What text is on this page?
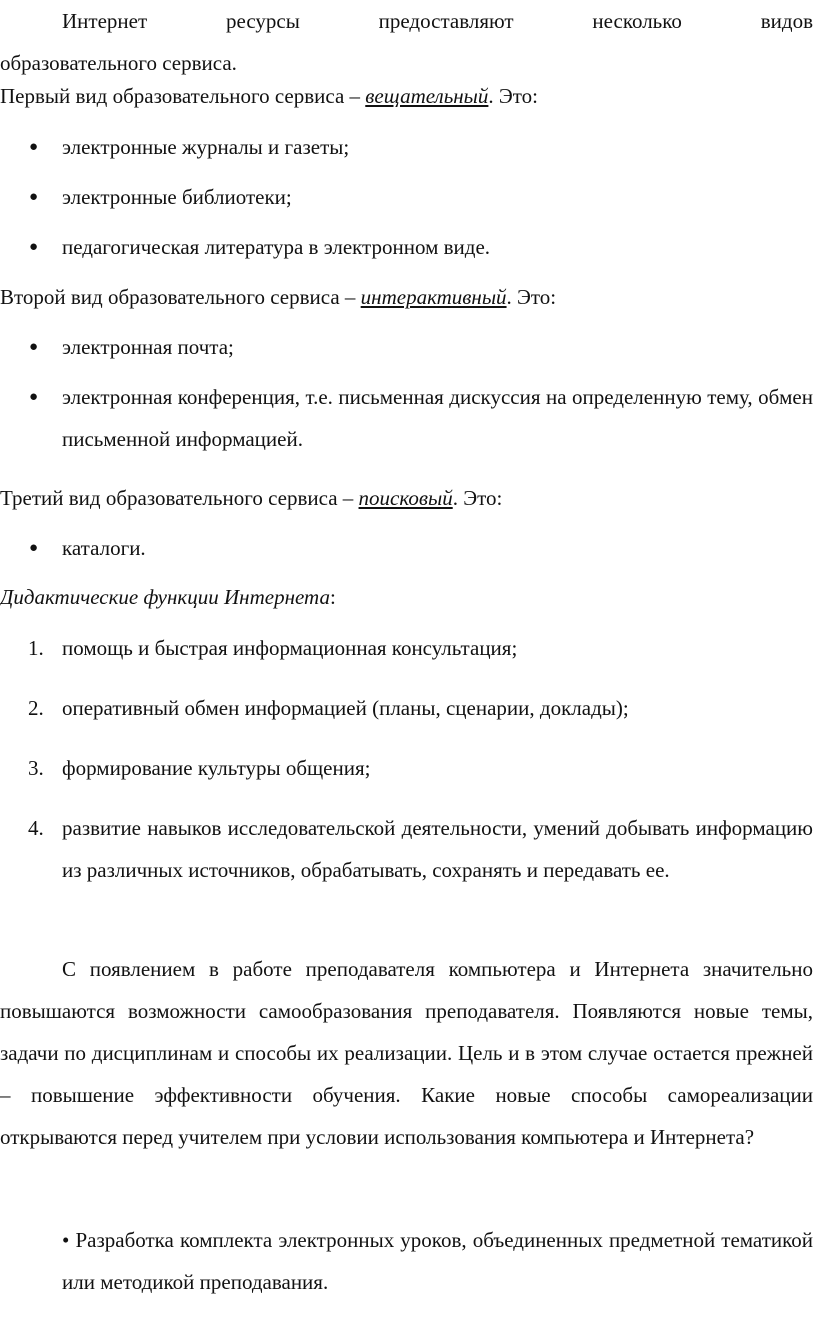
Интернет ресурсы предоставляют несколько видов
образовательного сервиса.

Первый вид образовательного сервиса – вещательный. Это:

● электронные журналы и газеты;
● электронные библиотеки;
● педагогическая литература в электронном виде.

Второй вид образовательного сервиса – интерактивный. Это:

● электронная почта;
● электронная конференция, т.е. письменная дискуссия на определенную тему, обмен письменной информацией.

Третий вид образовательного сервиса – поисковый. Это:

● каталоги.

Дидактические функции Интернета:

1. помощь и быстрая информационная консультация;
2. оперативный обмен информацией (планы, сценарии, доклады);
3. формирование культуры общения;
4. развитие навыков исследовательской деятельности, умений добывать информацию из различных источников, обрабатывать, сохранять и передавать ее.

С появлением в работе преподавателя компьютера и Интернета значительно повышаются возможности самообразования преподавателя. Появляются новые темы, задачи по дисциплинам и способы их реализации. Цель и в этом случае остается прежней – повышение эффективности обучения. Какие новые способы самореализации открываются перед учителем при условии использования компьютера и Интернета?

• Разработка комплекта электронных уроков, объединенных предметной тематикой или методикой преподавания.
